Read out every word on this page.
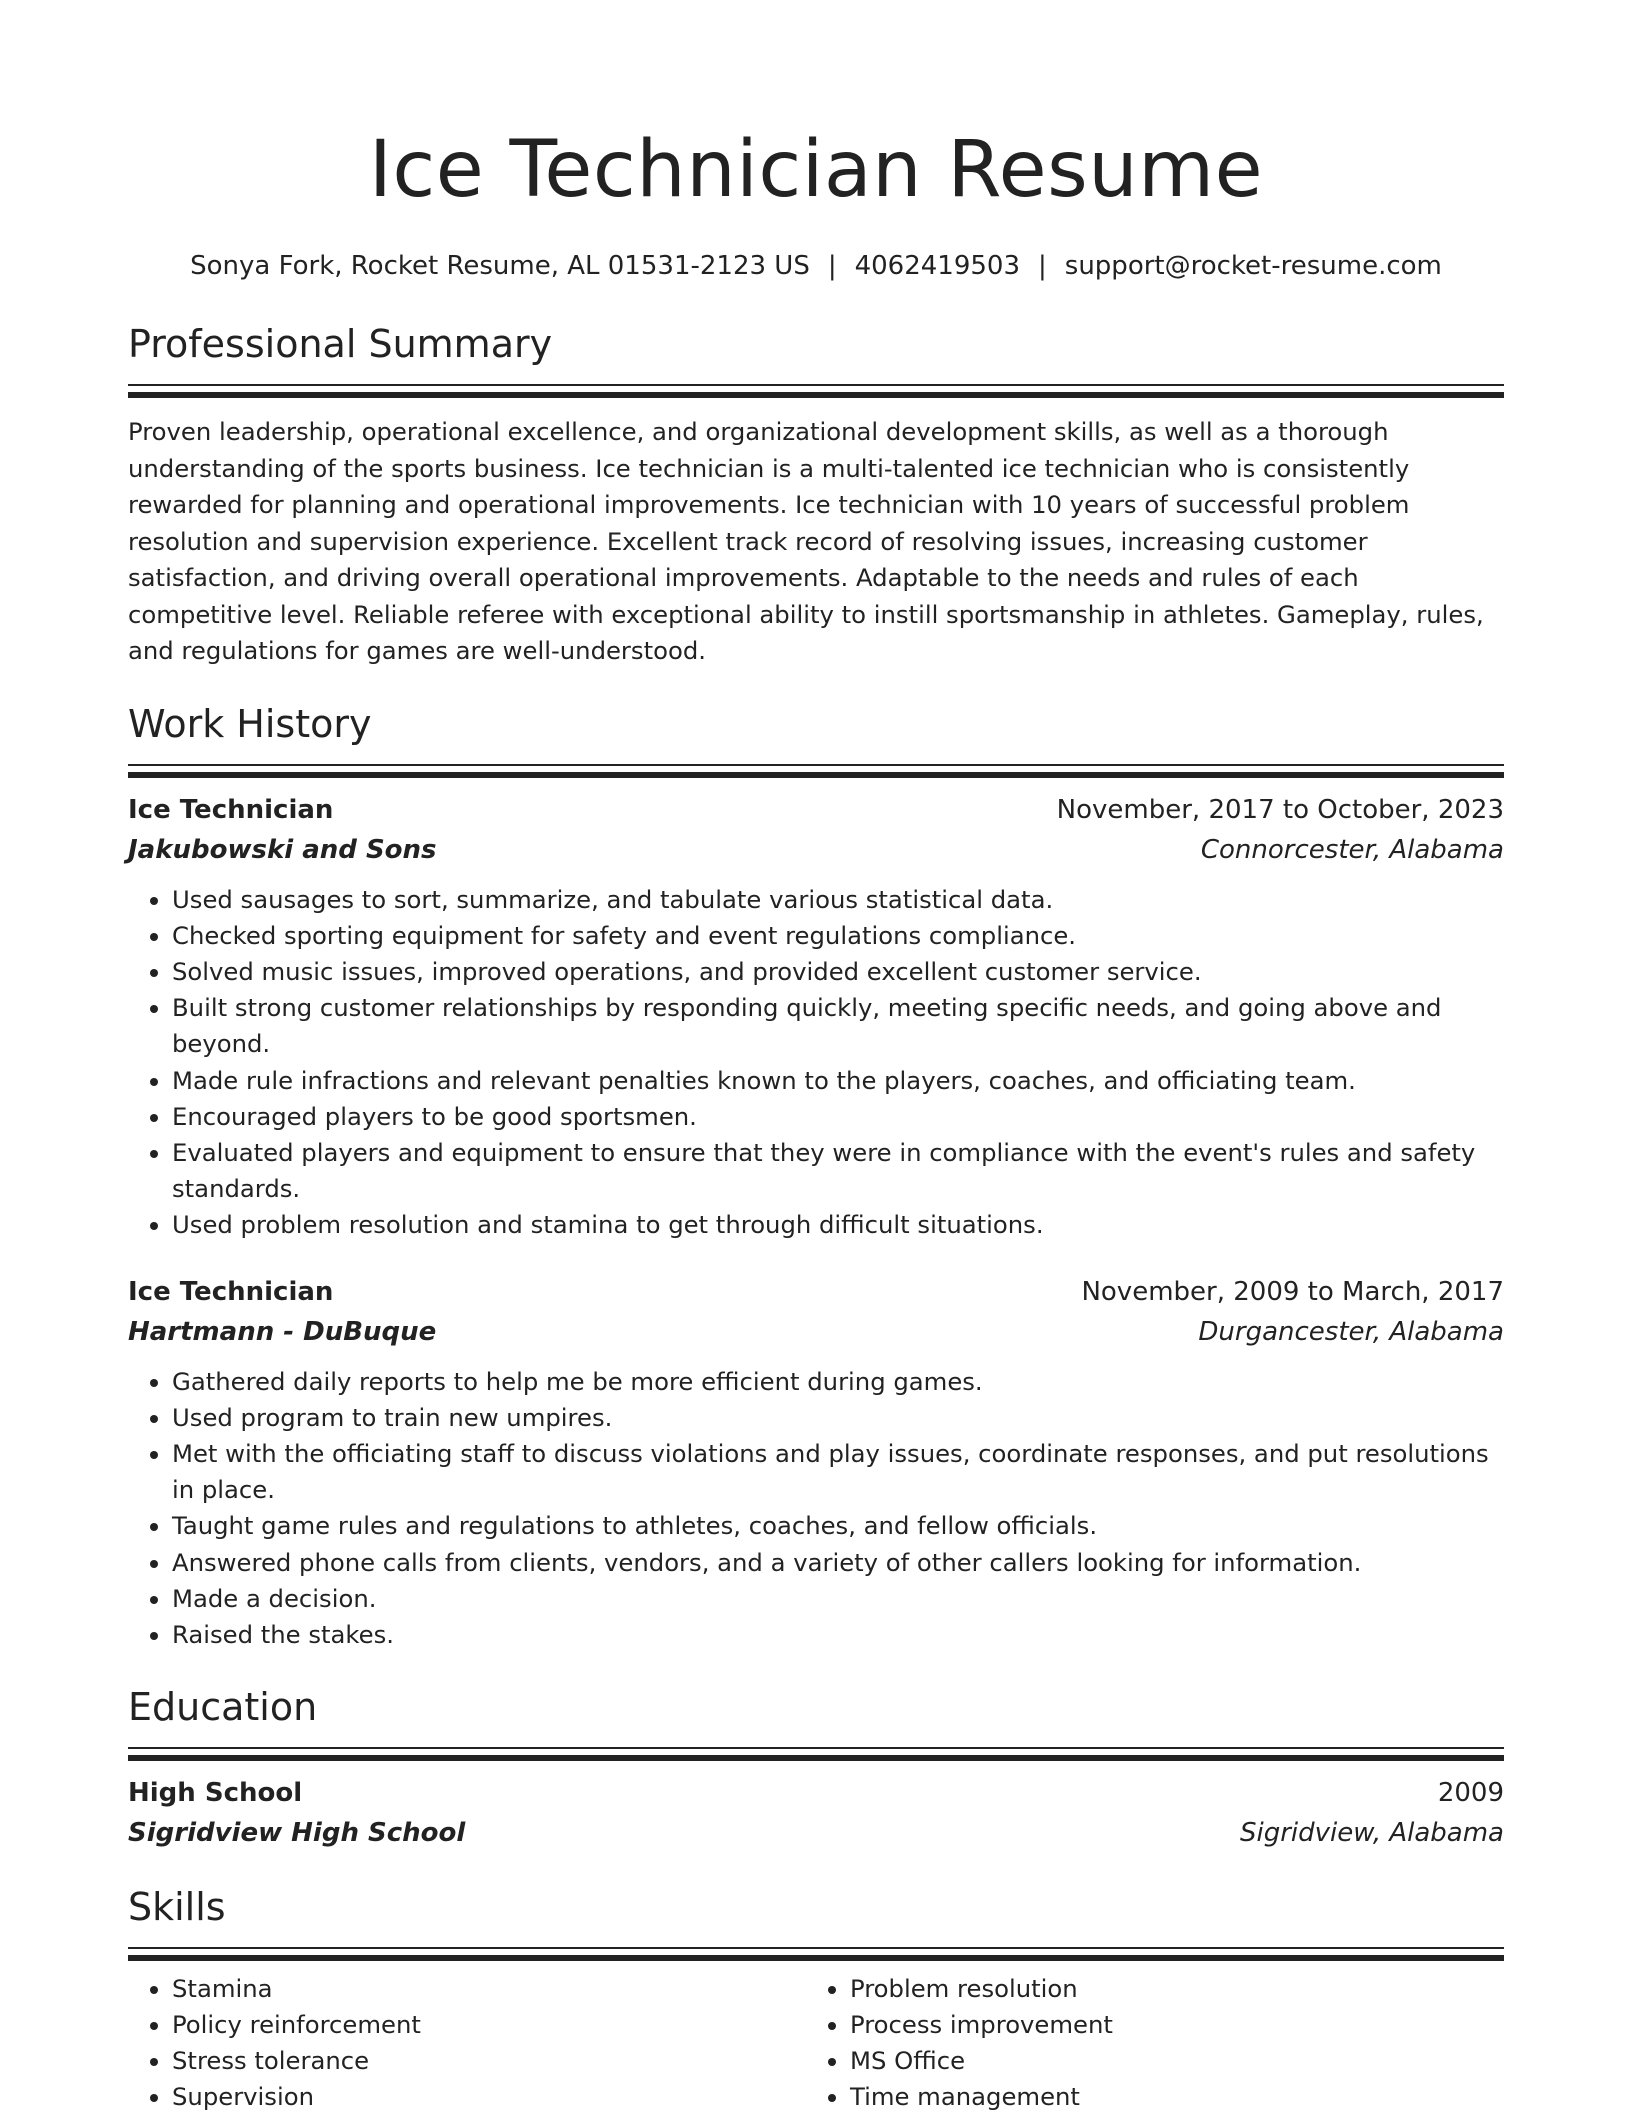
Ice Technician Resume
Sonya Fork, Rocket Resume, AL 01531-2123 US | 4062419503 | support@rocket-resume.com
Professional Summary
Proven leadership, operational excellence, and organizational development skills, as well as a thorough understanding of the sports business. Ice technician is a multi-talented ice technician who is consistently rewarded for planning and operational improvements. Ice technician with 10 years of successful problem resolution and supervision experience. Excellent track record of resolving issues, increasing customer satisfaction, and driving overall operational improvements. Adaptable to the needs and rules of each competitive level. Reliable referee with exceptional ability to instill sportsmanship in athletes. Gameplay, rules, and regulations for games are well-understood.
Work History
Ice Technician	November, 2017 to October, 2023
Jakubowski and Sons	Connorcester, Alabama
• Used sausages to sort, summarize, and tabulate various statistical data.
• Checked sporting equipment for safety and event regulations compliance.
• Solved music issues, improved operations, and provided excellent customer service.
• Built strong customer relationships by responding quickly, meeting specific needs, and going above and beyond.
• Made rule infractions and relevant penalties known to the players, coaches, and officiating team.
• Encouraged players to be good sportsmen.
• Evaluated players and equipment to ensure that they were in compliance with the event's rules and safety standards.
• Used problem resolution and stamina to get through difficult situations.
Ice Technician	November, 2009 to March, 2017
Hartmann - DuBuque	Durgancester, Alabama
• Gathered daily reports to help me be more efficient during games.
• Used program to train new umpires.
• Met with the officiating staff to discuss violations and play issues, coordinate responses, and put resolutions in place.
• Taught game rules and regulations to athletes, coaches, and fellow officials.
• Answered phone calls from clients, vendors, and a variety of other callers looking for information.
• Made a decision.
• Raised the stakes.
Education
High School	2009
Sigridview High School	Sigridview, Alabama
Skills
• Stamina
• Policy reinforcement
• Stress tolerance
• Supervision
• Problem resolution
• Process improvement
• MS Office
• Time management
